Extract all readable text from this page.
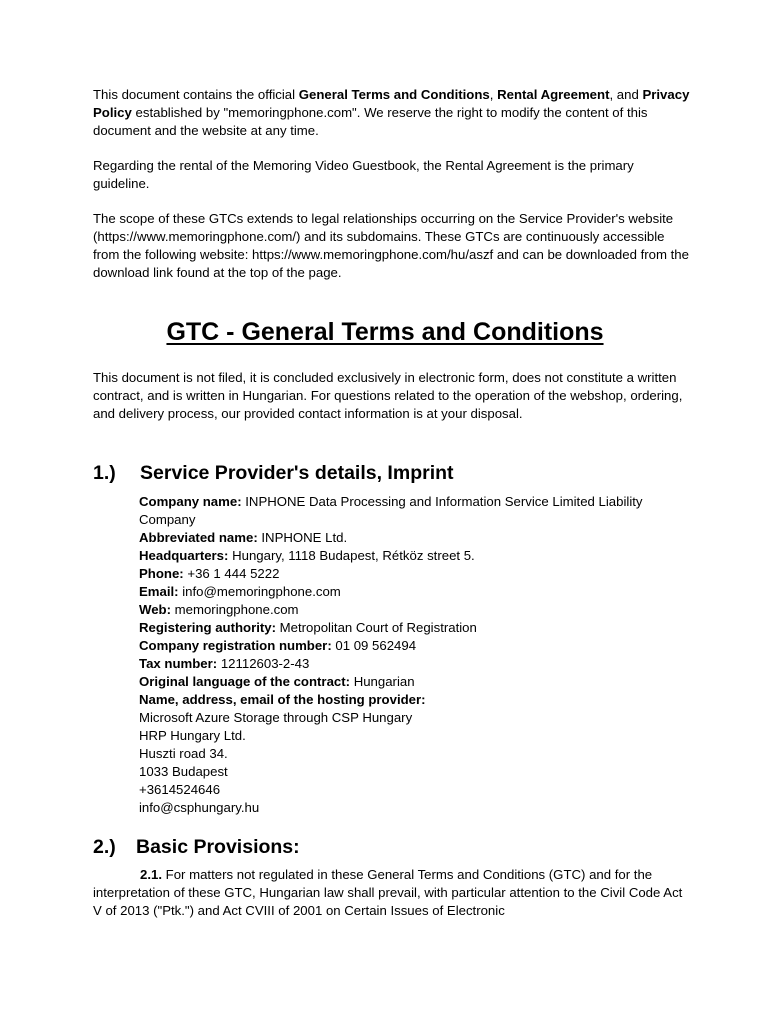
This document contains the official General Terms and Conditions, Rental Agreement, and Privacy Policy established by "memoringphone.com". We reserve the right to modify the content of this document and the website at any time.

Regarding the rental of the Memoring Video Guestbook, the Rental Agreement is the primary guideline.

The scope of these GTCs extends to legal relationships occurring on the Service Provider's website (https://www.memoringphone.com/) and its subdomains. These GTCs are continuously accessible from the following website: https://www.memoringphone.com/hu/aszf and can be downloaded from the download link found at the top of the page.

GTC - General Terms and Conditions

This document is not filed, it is concluded exclusively in electronic form, does not constitute a written contract, and is written in Hungarian. For questions related to the operation of the webshop, ordering, and delivery process, our provided contact information is at your disposal.

1.) Service Provider's details, Imprint
Company name: INPHONE Data Processing and Information Service Limited Liability Company
Abbreviated name: INPHONE Ltd.
Headquarters: Hungary, 1118 Budapest, Rétköz street 5.
Phone: +36 1 444 5222
Email: info@memoringphone.com
Web: memoringphone.com
Registering authority: Metropolitan Court of Registration
Company registration number: 01 09 562494
Tax number: 12112603-2-43
Original language of the contract: Hungarian
Name, address, email of the hosting provider:
Microsoft Azure Storage through CSP Hungary
HRP Hungary Ltd.
Huszti road 34.
1033 Budapest
+3614524646
info@csphungary.hu
2.) Basic Provisions:

2.1. For matters not regulated in these General Terms and Conditions (GTC) and for the interpretation of these GTC, Hungarian law shall prevail, with particular attention to the Civil Code Act V of 2013 ("Ptk.") and Act CVIII of 2001 on Certain Issues of Electronic
